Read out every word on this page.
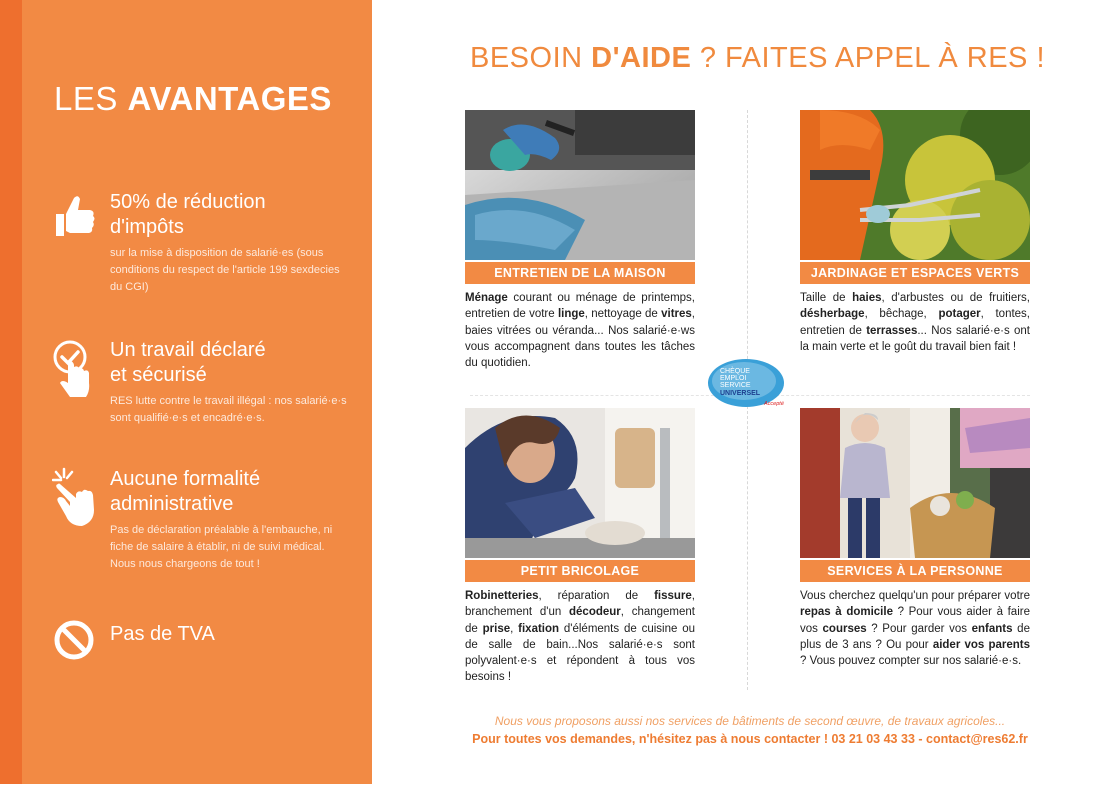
LES AVANTAGES
50% de réduction
d'impôts

sur la mise à disposition de salarié·es (sous conditions du respect de l'article 199 sexdecies du CGI)

Un travail déclaré
et sécurisé

RES lutte contre le travail illégal : nos salarié·e·s sont qualifié·e·s et encadré·e·s.

Aucune formalité
administrative

Pas de déclaration préalable à l'embauche, ni fiche de salaire à établir, ni de suivi médical. Nous nous chargeons de tout !

Pas de TVA
BESOIN D'AIDE ? FAITES APPEL À RES !
ENTRETIEN DE LA MAISON
Ménage courant ou ménage de printemps, entretien de votre linge, nettoyage de vitres, baies vitrées ou véranda... Nos salarié·e·ws vous accompagnent dans toutes les tâches du quotidien.
JARDINAGE ET ESPACES VERTS
Taille de haies, d'arbustes ou de fruitiers, désherbage, bêchage, potager, tontes, entretien de terrasses... Nos salarié·e·s ont la main verte et le goût du travail bien fait !
PETIT BRICOLAGE
Robinetteries, réparation de fissure, branchement d'un décodeur, changement de prise, fixation d'éléments de cuisine ou de salle de bain...Nos salarié·e·s sont polyvalent·e·s et répondent à tous vos besoins !
SERVICES À LA PERSONNE
Vous cherchez quelqu'un pour préparer votre repas à domicile ? Pour vous aider à faire vos courses ? Pour garder vos enfants de plus de 3 ans ? Ou pour aider vos parents ? Vous pouvez compter sur nos salarié·e·s.
CHÈQUE
EMPLOI
SERVICE
UNIVERSEL
Accepté
Nous vous proposons aussi nos services de bâtiments de second œuvre, de travaux agricoles...
Pour toutes vos demandes, n'hésitez pas à nous contacter ! 03 21 03 43 33 - contact@res62.fr
